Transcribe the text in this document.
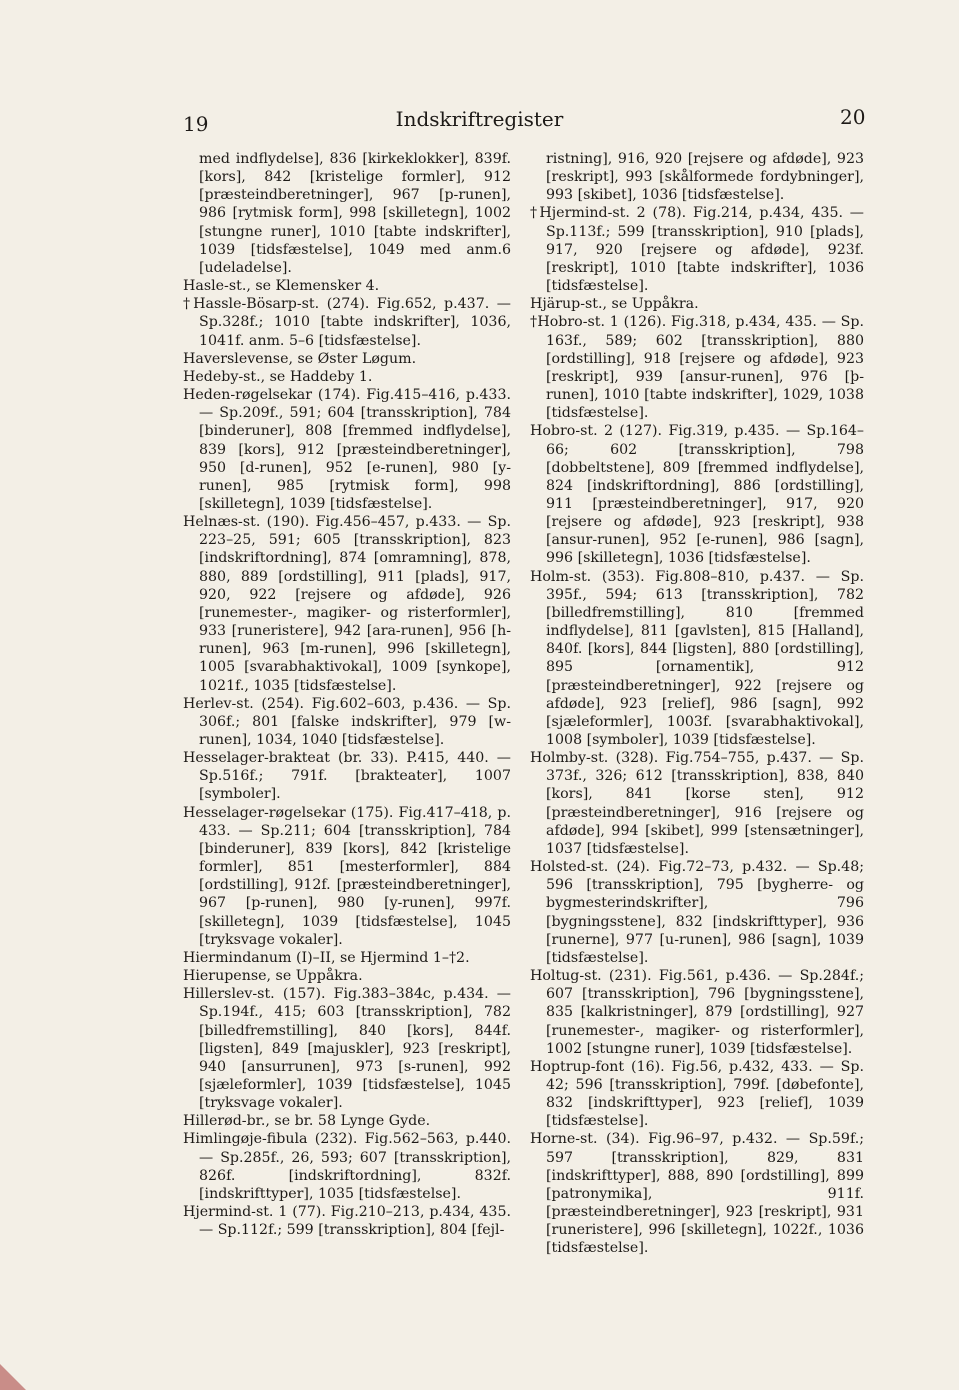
19	Indskriftregister	20

med indflydelse], 836 [kirkeklokker], 839f. [kors], 842 [kristelige formler], 912 [præsteindberetninger], 967 [p-runen], 986 [rytmisk form], 998 [skilletegn], 1002 [stungne runer], 1010 [tabte indskrifter], 1039 [tidsfæstelse], 1049 med anm.6 [udeladelse].

Hasle-st., se Klemensker 4.

†Hassle-Bösarp-st. (274). Fig.652, p.437. — Sp.328f.; 1010 [tabte indskrifter], 1036, 1041f. anm. 5–6 [tidsfæstelse].

Haverslevense, se Øster Løgum.

Hedeby-st., se Haddeby 1.

Heden-røgelsekar (174). Fig.415–416, p.433. — Sp.209f., 591; 604 [transskription], 784 [binderuner], 808 [fremmed indflydelse], 839 [kors], 912 [præsteindberetninger], 950 [d-runen], 952 [e-runen], 980 [y-runen], 985 [rytmisk form], 998 [skilletegn], 1039 [tidsfæstelse].

Helnæs-st. (190). Fig.456–457, p.433. — Sp. 223–25, 591; 605 [transskription], 823 [indskriftordning], 874 [omramning], 878, 880, 889 [ordstilling], 911 [plads], 917, 920, 922 [rejsere og afdøde], 926 [runemester-, magiker- og risterformler], 933 [runeristere], 942 [ara-runen], 956 [h-runen], 963 [m-runen], 996 [skilletegn], 1005 [svarabhaktivokal], 1009 [synkope], 1021f., 1035 [tidsfæstelse].

Herlev-st. (254). Fig.602–603, p.436. — Sp. 306f.; 801 [falske indskrifter], 979 [w-runen], 1034, 1040 [tidsfæstelse].

Hesselager-brakteat (br. 33). P.415, 440. — Sp.516f.; 791f. [brakteater], 1007 [symboler].

Hesselager-røgelsekar (175). Fig.417–418, p. 433. — Sp.211; 604 [transskription], 784 [binderuner], 839 [kors], 842 [kristelige formler], 851 [mesterformler], 884 [ordstilling], 912f. [præsteindberetninger], 967 [p-runen], 980 [y-runen], 997f. [skilletegn], 1039 [tidsfæstelse], 1045 [tryksvage vokaler].

Hiermindanum (I)–II, se Hjermind 1–†2.

Hierupense, se Uppåkra.

Hillerslev-st. (157). Fig.383–384c, p.434. — Sp.194f., 415; 603 [transskription], 782 [billedfremstilling], 840 [kors], 844f. [ligsten], 849 [majuskler], 923 [reskript], 940 [ansurrunen], 973 [s-runen], 992 [sjæleformler], 1039 [tidsfæstelse], 1045 [tryksvage vokaler].

Hillerød-br., se br. 58 Lynge Gyde.

Himlingøje-fibula (232). Fig.562–563, p.440. — Sp.285f., 26, 593; 607 [transskription], 826f. [indskriftordning], 832f. [indskrifttyper], 1035 [tidsfæstelse].

Hjermind-st. 1 (77). Fig.210–213, p.434, 435. — Sp.112f.; 599 [transskription], 804 [fejl-

ristning], 916, 920 [rejsere og afdøde], 923 [reskript], 993 [skålformede fordybninger], 993 [skibet], 1036 [tidsfæstelse].

†Hjermind-st. 2 (78). Fig.214, p.434, 435. — Sp.113f.; 599 [transskription], 910 [plads], 917, 920 [rejsere og afdøde], 923f. [reskript], 1010 [tabte indskrifter], 1036 [tidsfæstelse].

Hjärup-st., se Uppåkra.

†Hobro-st. 1 (126). Fig.318, p.434, 435. — Sp. 163f., 589; 602 [transskription], 880 [ordstilling], 918 [rejsere og afdøde], 923 [reskript], 939 [ansur-runen], 976 [þ-runen], 1010 [tabte indskrifter], 1029, 1038 [tidsfæstelse].

Hobro-st. 2 (127). Fig.319, p.435. — Sp.164–66; 602 [transskription], 798 [dobbeltstene], 809 [fremmed indflydelse], 824 [indskriftordning], 886 [ordstilling], 911 [præsteindberetninger], 917, 920 [rejsere og afdøde], 923 [reskript], 938 [ansur-runen], 952 [e-runen], 986 [sagn], 996 [skilletegn], 1036 [tidsfæstelse].

Holm-st. (353). Fig.808–810, p.437. — Sp. 395f., 594; 613 [transskription], 782 [billedfremstilling], 810 [fremmed indflydelse], 811 [gavlsten], 815 [Halland], 840f. [kors], 844 [ligsten], 880 [ordstilling], 895 [ornamentik], 912 [præsteindberetninger], 922 [rejsere og afdøde], 923 [relief], 986 [sagn], 992 [sjæleformler], 1003f. [svarabhaktivokal], 1008 [symboler], 1039 [tidsfæstelse].

Holmby-st. (328). Fig.754–755, p.437. — Sp. 373f., 326; 612 [transskription], 838, 840 [kors], 841 [korse sten], 912 [præsteindberetninger], 916 [rejsere og afdøde], 994 [skibet], 999 [stensætninger], 1037 [tidsfæstelse].

Holsted-st. (24). Fig.72–73, p.432. — Sp.48; 596 [transskription], 795 [bygherre- og bygmesterindskrifter], 796 [bygningsstene], 832 [indskrifttyper], 936 [runerne], 977 [u-runen], 986 [sagn], 1039 [tidsfæstelse].

Holtug-st. (231). Fig.561, p.436. — Sp.284f.; 607 [transskription], 796 [bygningsstene], 835 [kalkristninger], 879 [ordstilling], 927 [runemester-, magiker- og risterformler], 1002 [stungne runer], 1039 [tidsfæstelse].

Hoptrup-font (16). Fig.56, p.432, 433. — Sp. 42; 596 [transskription], 799f. [døbefonte], 832 [indskrifttyper], 923 [relief], 1039 [tidsfæstelse].

Horne-st. (34). Fig.96–97, p.432. — Sp.59f.; 597 [transskription], 829, 831 [indskrifttyper], 888, 890 [ordstilling], 899 [patronymika], 911f. [præsteindberetninger], 923 [reskript], 931 [runeristere], 996 [skilletegn], 1022f., 1036 [tidsfæstelse].
